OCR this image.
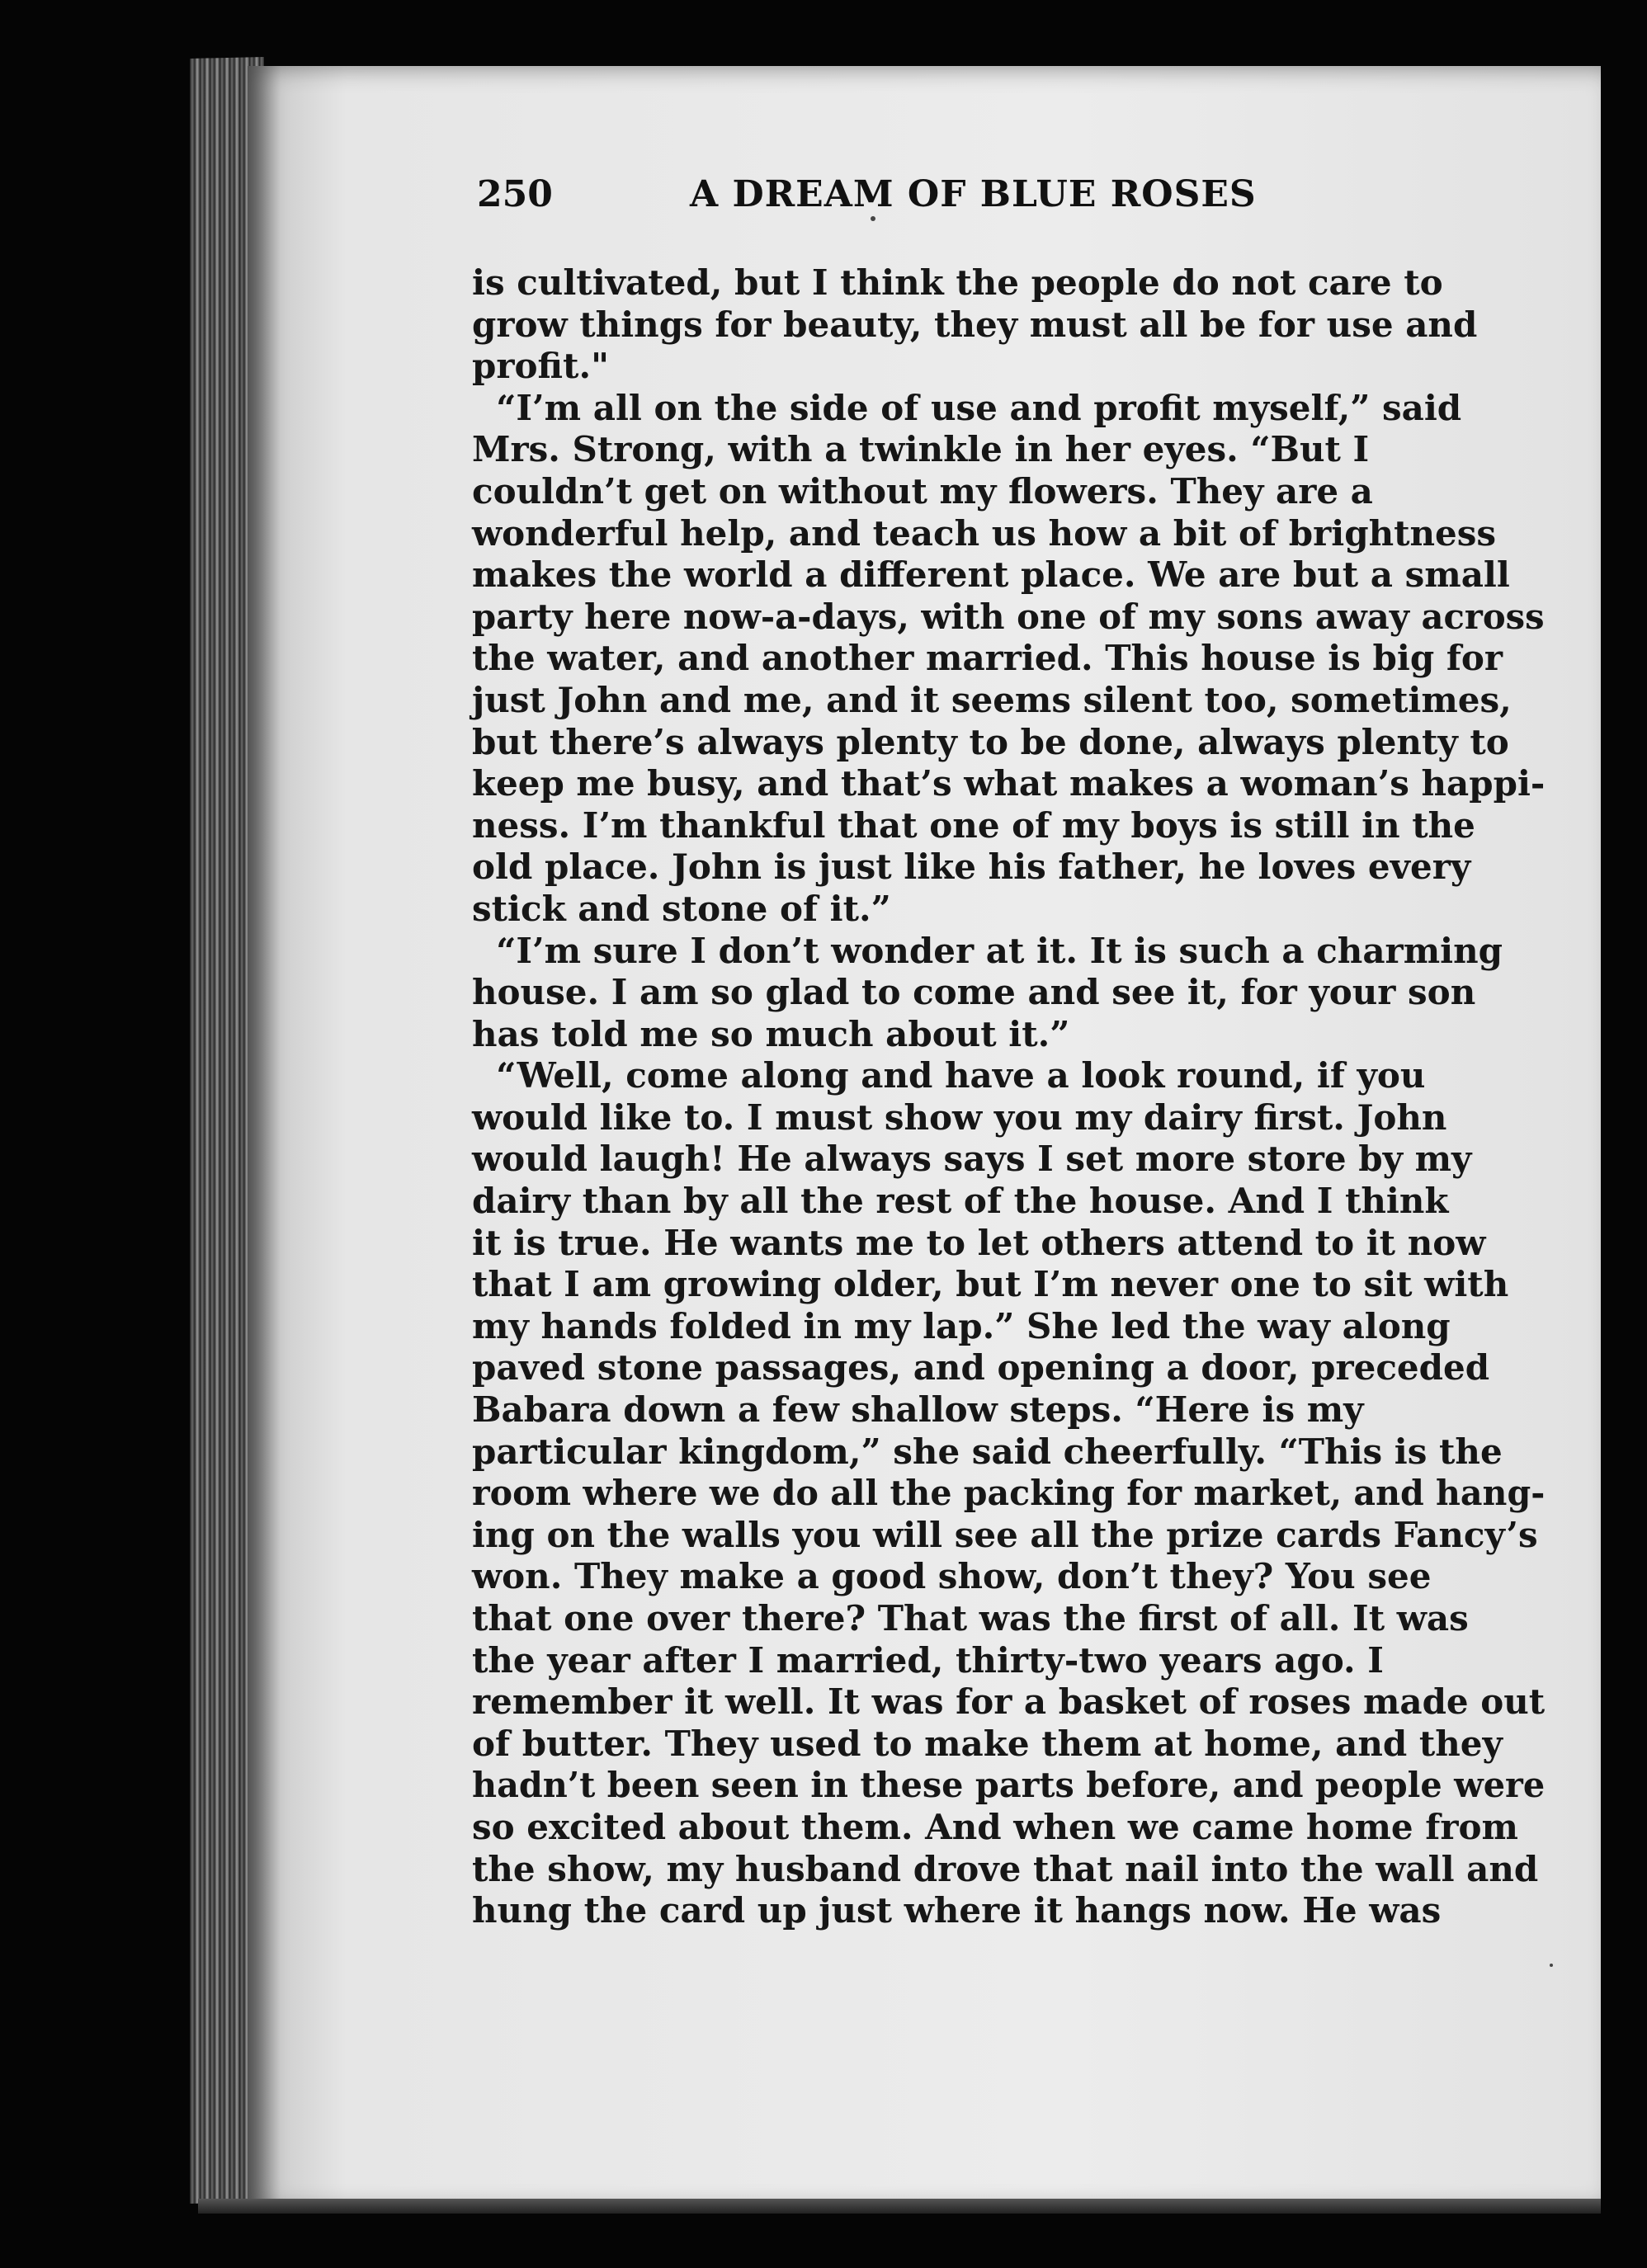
250	A DREAM OF BLUE ROSES
is cultivated, but I think the people do not care to
grow things for beauty, they must all be for use and
profit."
“I’m all on the side of use and profit myself,” said
Mrs. Strong, with a twinkle in her eyes. “But I
couldn’t get on without my flowers. They are a
wonderful help, and teach us how a bit of brightness
makes the world a different place. We are but a small
party here now-a-days, with one of my sons away across
the water, and another married. This house is big for
just John and me, and it seems silent too, sometimes,
but there’s always plenty to be done, always plenty to
keep me busy, and that’s what makes a woman’s happi-
ness. I’m thankful that one of my boys is still in the
old place. John is just like his father, he loves every
stick and stone of it.”
“I’m sure I don’t wonder at it. It is such a charming
house. I am so glad to come and see it, for your son
has told me so much about it.”
“Well, come along and have a look round, if you
would like to. I must show you my dairy first. John
would laugh! He always says I set more store by my
dairy than by all the rest of the house. And I think
it is true. He wants me to let others attend to it now
that I am growing older, but I’m never one to sit with
my hands folded in my lap.” She led the way along
paved stone passages, and opening a door, preceded
Babara down a few shallow steps. “Here is my
particular kingdom,” she said cheerfully. “This is the
room where we do all the packing for market, and hang-
ing on the walls you will see all the prize cards Fancy’s
won. They make a good show, don’t they? You see
that one over there? That was the first of all. It was
the year after I married, thirty-two years ago. I
remember it well. It was for a basket of roses made out
of butter. They used to make them at home, and they
hadn’t been seen in these parts before, and people were
so excited about them. And when we came home from
the show, my husband drove that nail into the wall and
hung the card up just where it hangs now. He was
